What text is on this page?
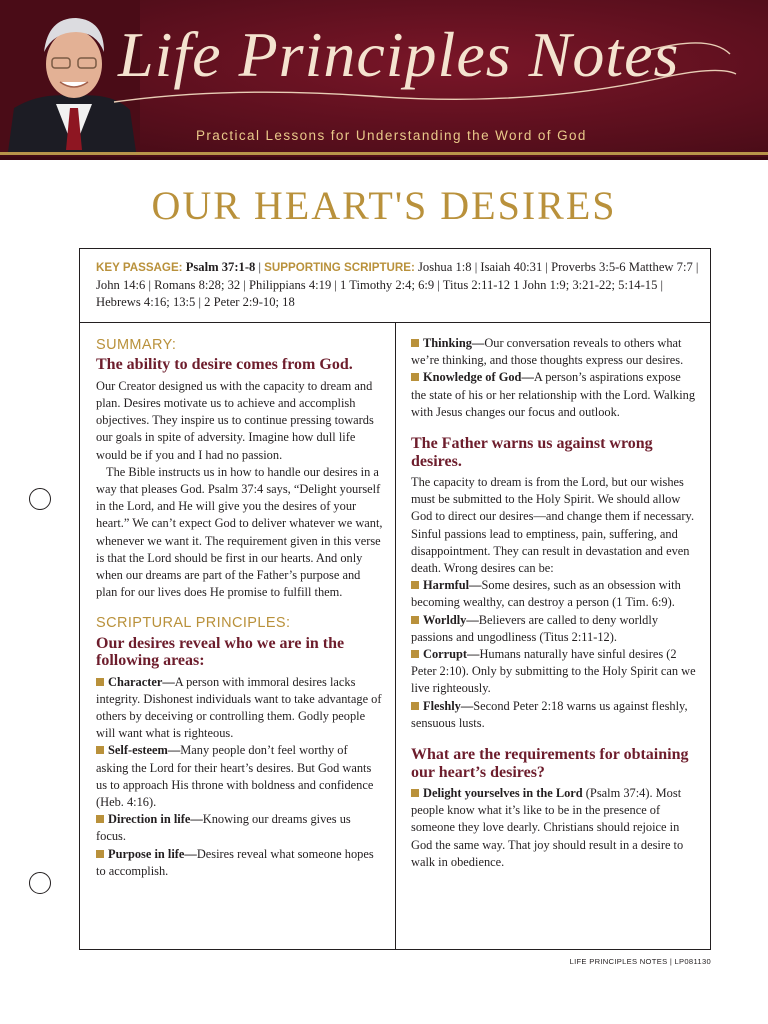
Life Principles Notes
Practical Lessons for Understanding the Word of God
OUR HEART'S DESIRES
KEY PASSAGE: Psalm 37:1-8 | SUPPORTING SCRIPTURE: Joshua 1:8 | Isaiah 40:31 | Proverbs 3:5-6 Matthew 7:7 | John 14:6 | Romans 8:28; 32 | Philippians 4:19 | 1 Timothy 2:4; 6:9 | Titus 2:11-12 1 John 1:9; 3:21-22; 5:14-15 | Hebrews 4:16; 13:5 | 2 Peter 2:9-10; 18

SUMMARY:

The ability to desire comes from God.

Our Creator designed us with the capacity to dream and plan. Desires motivate us to achieve and accomplish objectives. They inspire us to continue pressing towards our goals in spite of adversity. Imagine how dull life would be if you and I had no passion.

The Bible instructs us in how to handle our desires in a way that pleases God. Psalm 37:4 says, “Delight yourself in the Lord, and He will give you the desires of your heart.” We can’t expect God to deliver whatever we want, whenever we want it. The requirement given in this verse is that the Lord should be first in our hearts. And only when our dreams are part of the Father’s purpose and plan for our lives does He promise to fulfill them.

SCRIPTURAL PRINCIPLES:

Our desires reveal who we are in the following areas:

Character—A person with immoral desires lacks integrity. Dishonest individuals want to take advantage of others by deceiving or controlling them. Godly people will want what is righteous.

Self-esteem—Many people don’t feel worthy of asking the Lord for their heart’s desires. But God wants us to approach His throne with boldness and confidence (Heb. 4:16).

Direction in life—Knowing our dreams gives us focus.

Purpose in life—Desires reveal what someone hopes to accomplish.

Thinking—Our conversation reveals to others what we’re thinking, and those thoughts express our desires.

Knowledge of God—A person’s aspirations expose the state of his or her relationship with the Lord. Walking with Jesus changes our focus and outlook.

The Father warns us against wrong desires.

The capacity to dream is from the Lord, but our wishes must be submitted to the Holy Spirit. We should allow God to direct our desires—and change them if necessary. Sinful passions lead to emptiness, pain, suffering, and disappointment. They can result in devastation and even death. Wrong desires can be:

Harmful—Some desires, such as an obsession with becoming wealthy, can destroy a person (1 Tim. 6:9).

Worldly—Believers are called to deny worldly passions and ungodliness (Titus 2:11-12).

Corrupt—Humans naturally have sinful desires (2 Peter 2:10). Only by submitting to the Holy Spirit can we live righteously.

Fleshly—Second Peter 2:18 warns us against fleshly, sensuous lusts.

What are the requirements for obtaining our heart’s desires?

Delight yourselves in the Lord (Psalm 37:4). Most people know what it’s like to be in the presence of someone they love dearly. Christians should rejoice in God the same way. That joy should result in a desire to walk in obedience.

LIFE PRINCIPLES NOTES | LP081130
